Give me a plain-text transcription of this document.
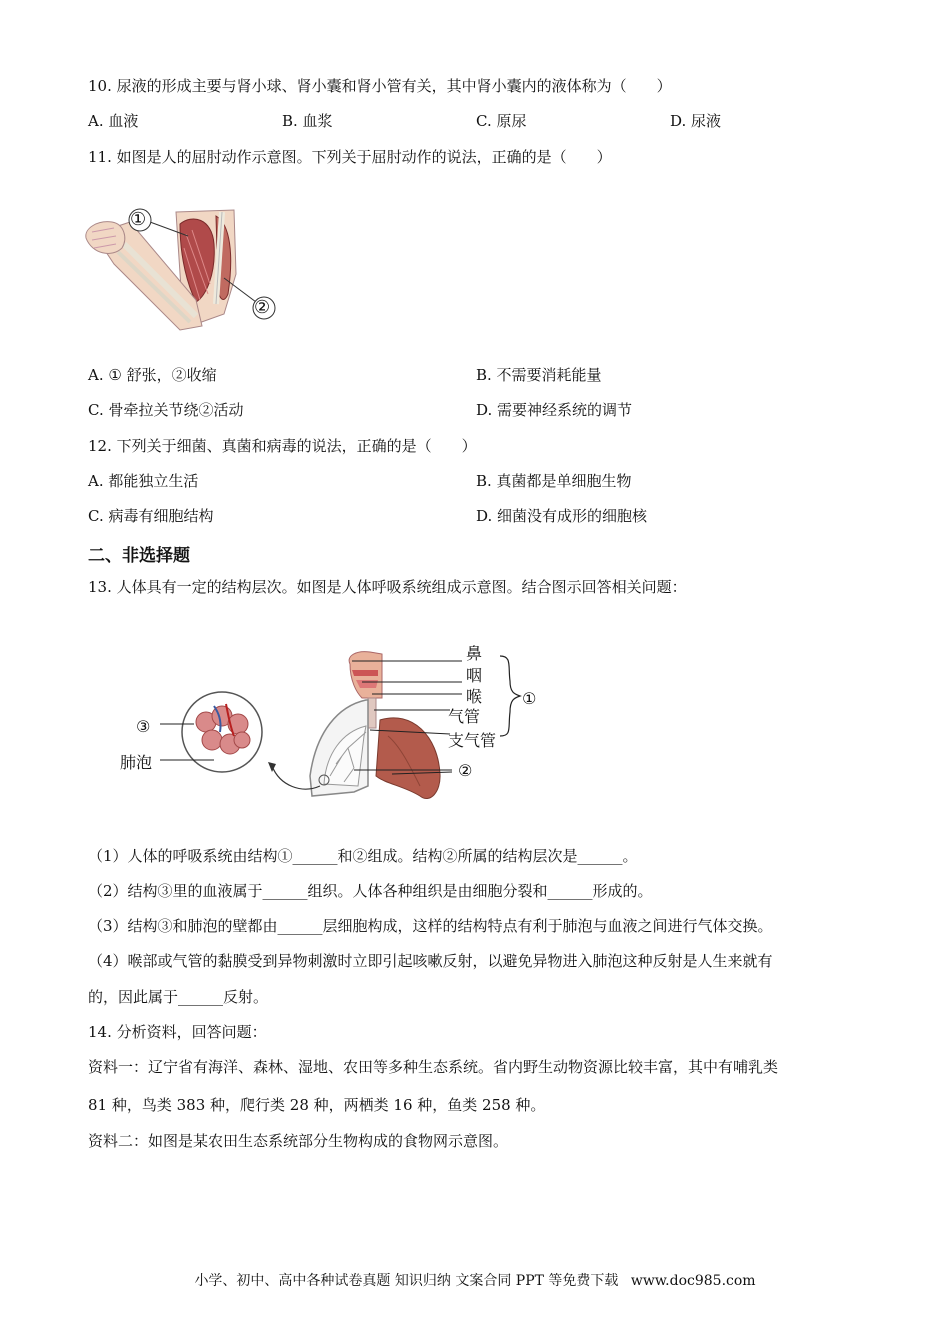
10. 尿液的形成主要与肾小球、肾小囊和肾小管有关，其中肾小囊内的液体称为（　　）
A. 血液	B. 血浆	C. 原尿	D. 尿液
11. 如图是人的屈肘动作示意图。下列关于屈肘动作的说法，正确的是（　　）
①
②
A. ① 舒张，②收缩	B. 不需要消耗能量
C. 骨牵拉关节绕②活动	D. 需要神经系统的调节
12. 下列关于细菌、真菌和病毒的说法，正确的是（　　）
A. 都能独立生活	B. 真菌都是单细胞生物
C. 病毒有细胞结构	D. 细菌没有成形的细胞核
二、非选择题
13. 人体具有一定的结构层次。如图是人体呼吸系统组成示意图。结合图示回答相关问题：
鼻
咽
喉
气管
支气管
①
②
③
肺泡
（1）人体的呼吸系统由结构①______和②组成。结构②所属的结构层次是______。
（2）结构③里的血液属于______组织。人体各种组织是由细胞分裂和______形成的。
（3）结构③和肺泡的壁都由______层细胞构成，这样的结构特点有利于肺泡与血液之间进行气体交换。
（4）喉部或气管的黏膜受到异物刺激时立即引起咳嗽反射，以避免异物进入肺泡这种反射是人生来就有
的，因此属于______反射。
14. 分析资料，回答问题：
资料一：辽宁省有海洋、森林、湿地、农田等多种生态系统。省内野生动物资源比较丰富，其中有哺乳类
81 种，鸟类 383 种，爬行类 28 种，两栖类 16 种，鱼类 258 种。
资料二：如图是某农田生态系统部分生物构成的食物网示意图。
小学、初中、高中各种试卷真题 知识归纳 文案合同 PPT 等免费下载 www.doc985.com
